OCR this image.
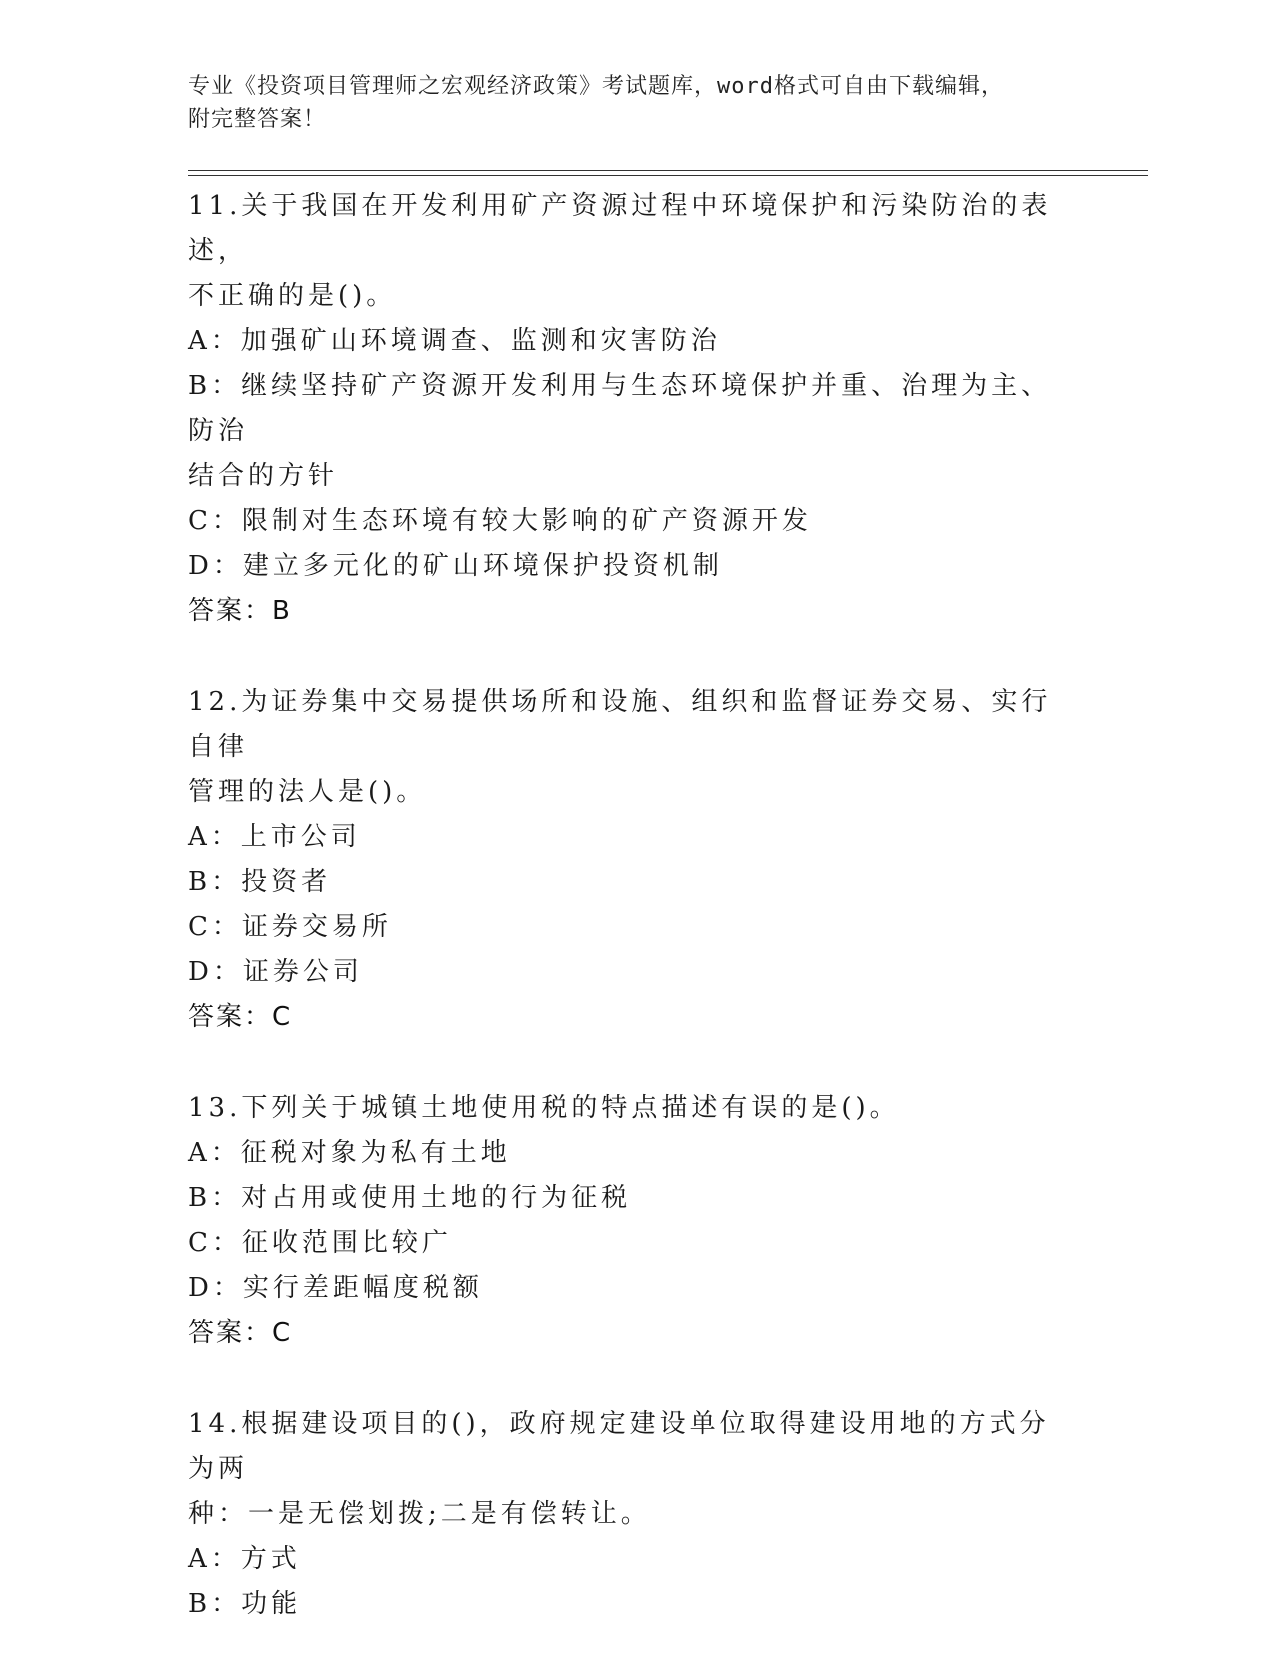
专业《投资项目管理师之宏观经济政策》考试题库，word格式可自由下载编辑，
附完整答案！
11.关于我国在开发利用矿产资源过程中环境保护和污染防治的表述，
不正确的是()。
A：加强矿山环境调查、监测和灾害防治
B：继续坚持矿产资源开发利用与生态环境保护并重、治理为主、防治
结合的方针
C：限制对生态环境有较大影响的矿产资源开发
D：建立多元化的矿山环境保护投资机制
答案：B
12.为证券集中交易提供场所和设施、组织和监督证券交易、实行自律
管理的法人是()。
A：上市公司
B：投资者
C：证券交易所
D：证券公司
答案：C
13.下列关于城镇土地使用税的特点描述有误的是()。
A：征税对象为私有土地
B：对占用或使用土地的行为征税
C：征收范围比较广
D：实行差距幅度税额
答案：C
14.根据建设项目的()，政府规定建设单位取得建设用地的方式分为两
种：一是无偿划拨;二是有偿转让。
A：方式
B：功能
